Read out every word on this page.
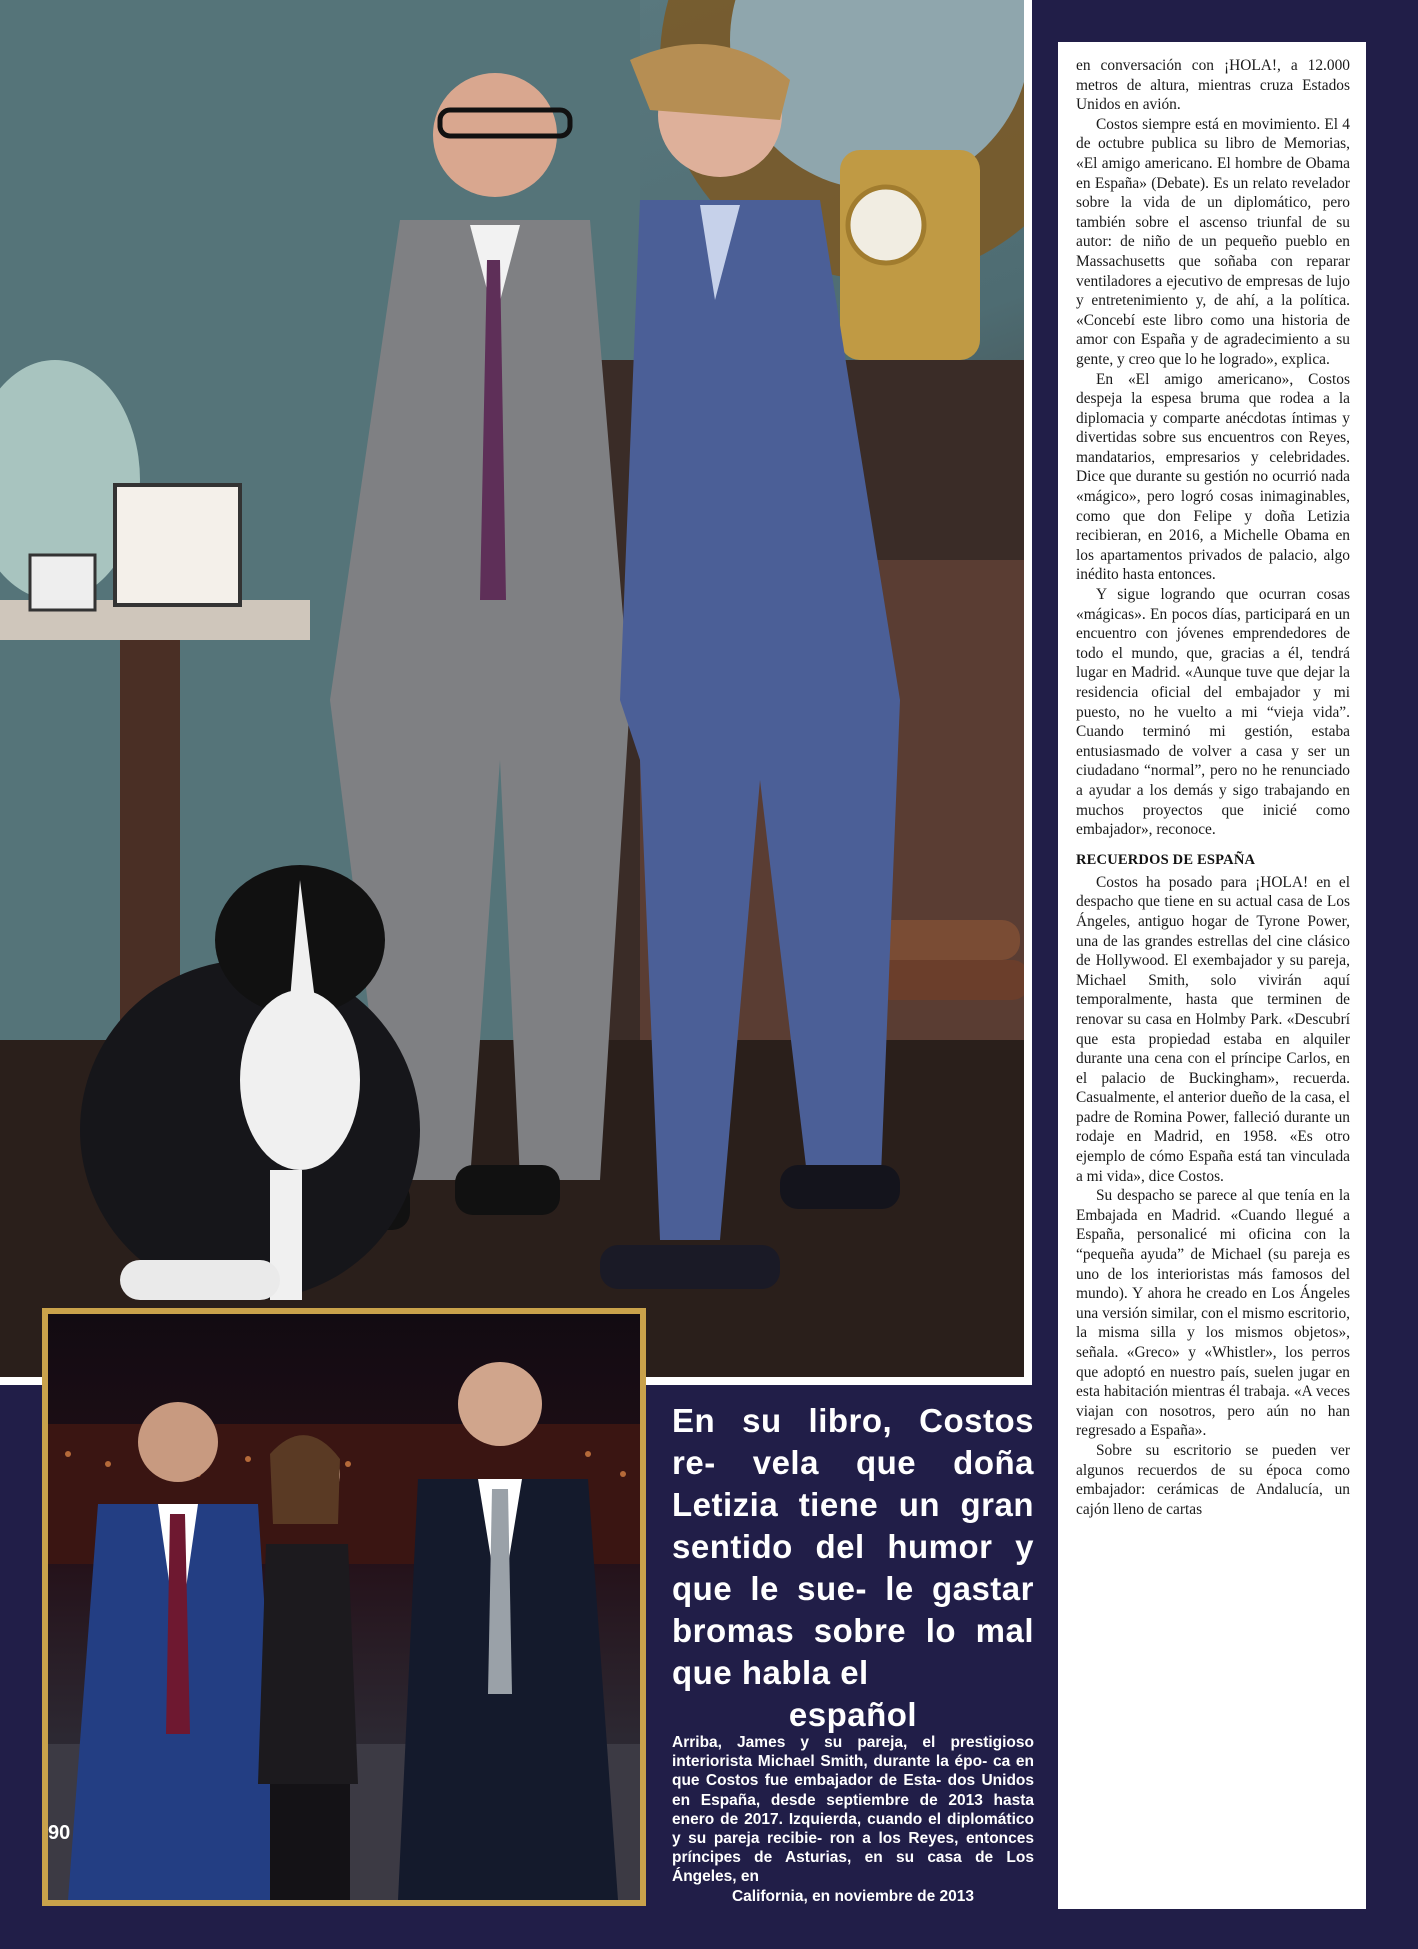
90
En su libro, Costos re- vela que doña Letizia tiene un gran sentido del humor y que le sue- le gastar bromas sobre lo mal que habla el
español
Arriba, James y su pareja, el prestigioso interiorista Michael Smith, durante la épo- ca en que Costos fue embajador de Esta- dos Unidos en España, desde septiembre de 2013 hasta enero de 2017. Izquierda, cuando el diplomático y su pareja recibie- ron a los Reyes, entonces príncipes de Asturias, en su casa de Los Ángeles, en
California, en noviembre de 2013

en conversación con ¡HOLA!, a 12.000 metros de altura, mientras cruza Estados Unidos en avión.

Costos siempre está en movimiento. El 4 de octubre publica su libro de Memorias, «El amigo americano. El hombre de Obama en España» (Debate). Es un relato revelador sobre la vida de un diplomático, pero también sobre el ascenso triunfal de su autor: de niño de un pequeño pueblo en Massachusetts que soñaba con reparar ventiladores a ejecutivo de empresas de lujo y entretenimiento y, de ahí, a la política. «Concebí este libro como una historia de amor con España y de agradecimiento a su gente, y creo que lo he logrado», explica.

En «El amigo americano», Costos despeja la espesa bruma que rodea a la diplomacia y comparte anécdotas íntimas y divertidas sobre sus encuentros con Reyes, mandatarios, empresarios y celebridades. Dice que durante su gestión no ocurrió nada «mágico», pero logró cosas inimaginables, como que don Felipe y doña Letizia recibieran, en 2016, a Michelle Obama en los apartamentos privados de palacio, algo inédito hasta entonces.

Y sigue logrando que ocurran cosas «mágicas». En pocos días, participará en un encuentro con jóvenes emprendedores de todo el mundo, que, gracias a él, tendrá lugar en Madrid. «Aunque tuve que dejar la residencia oficial del embajador y mi puesto, no he vuelto a mi “vieja vida”. Cuando terminó mi gestión, estaba entusiasmado de volver a casa y ser un ciudadano “normal”, pero no he renunciado a ayudar a los demás y sigo trabajando en muchos proyectos que inicié como embajador», reconoce.

RECUERDOS DE ESPAÑA

Costos ha posado para ¡HOLA! en el despacho que tiene en su actual casa de Los Ángeles, antiguo hogar de Tyrone Power, una de las grandes estrellas del cine clásico de Hollywood. El exembajador y su pareja, Michael Smith, solo vivirán aquí temporalmente, hasta que terminen de renovar su casa en Holmby Park. «Descubrí que esta propiedad estaba en alquiler durante una cena con el príncipe Carlos, en el palacio de Buckingham», recuerda. Casualmente, el anterior dueño de la casa, el padre de Romina Power, falleció durante un rodaje en Madrid, en 1958. «Es otro ejemplo de cómo España está tan vinculada a mi vida», dice Costos.

Su despacho se parece al que tenía en la Embajada en Madrid. «Cuando llegué a España, personalicé mi oficina con la “pequeña ayuda” de Michael (su pareja es uno de los interioristas más famosos del mundo). Y ahora he creado en Los Ángeles una versión similar, con el mismo escritorio, la misma silla y los mismos objetos», señala. «Greco» y «Whistler», los perros que adoptó en nuestro país, suelen jugar en esta habitación mientras él trabaja. «A veces viajan con nosotros, pero aún no han regresado a España».

Sobre su escritorio se pueden ver algunos recuerdos de su época como embajador: cerámicas de Andalucía, un cajón lleno de cartas
